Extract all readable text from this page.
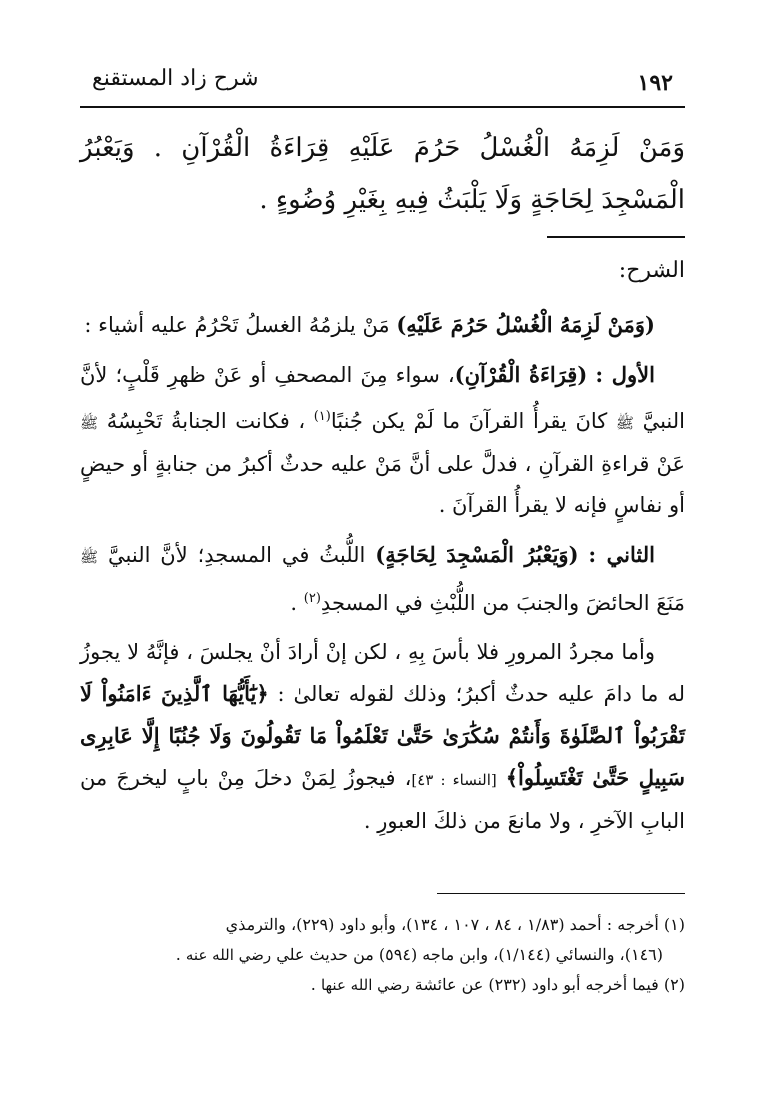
١٩٢
شرح زاد المستقنع
وَمَنْ لَزِمَهُ الْغُسْلُ حَرُمَ عَلَيْهِ قِرَاءَةُ الْقُرْآنِ . وَيَعْبُرُ الْمَسْجِدَ لِحَاجَةٍ وَلَا يَلْبَثُ فِيهِ بِغَيْرِ وُضُوءٍ .
الشرح:

(وَمَنْ لَزِمَهُ الْغُسْلُ حَرُمَ عَلَيْهِ) مَنْ يلزمُهُ الغسلُ تَحْرُمُ عليه أشياء :

الأول : (قِرَاءَةُ الْقُرْآنِ)، سواء مِنَ المصحفِ أو عَنْ ظهرِ قَلْبٍ؛ لأنَّ النبيَّ ﷺ كانَ يقرأُ القرآنَ ما لَمْ يكن جُنبًا$^{(١)}$ ، فكانت الجنابةُ تَحْبِسُهُ ﷺ عَنْ قراءةِ القرآنِ ، فدلَّ على أنَّ مَنْ عليه حدثٌ أكبرُ من جنابةٍ أو حيضٍ أو نفاسٍ فإنه لا يقرأُ القرآنَ .

الثاني : (وَيَعْبُرُ الْمَسْجِدَ لِحَاجَةٍ) اللُّبثُ في المسجدِ؛ لأنَّ النبيَّ ﷺ مَنَعَ الحائضَ والجنبَ من اللُّبْثِ في المسجدِ$^{(٢)}$ .

وأما مجردُ المرورِ فلا بأسَ بِهِ ، لكن إنْ أرادَ أنْ يجلسَ ، فإنَّهُ لا يجوزُ له ما دامَ عليه حدثٌ أكبرُ؛ وذلك لقوله تعالىٰ : ﴿يَٰٓأَيُّهَا ٱلَّذِينَ ءَامَنُواْ لَا تَقْرَبُواْ ٱلصَّلَوٰةَ وَأَنتُمْ سُكَٰرَىٰ حَتَّىٰ تَعْلَمُواْ مَا تَقُولُونَ وَلَا جُنُبًا إِلَّا عَابِرِى سَبِيلٍ حَتَّىٰ تَغْتَسِلُواْ﴾ [النساء : ٤٣]، فيجوزُ لِمَنْ دخلَ مِنْ بابٍ ليخرجَ من البابِ الآخرِ ، ولا مانعَ من ذلكَ العبورِ .

(١) أخرجه : أحمد (١/٨٣ ، ٨٤ ، ١٠٧ ، ١٣٤)، وأبو داود (٢٢٩)، والترمذي

(١٤٦)، والنسائي (١/١٤٤)، وابن ماجه (٥٩٤) من حديث علي رضي الله عنه .

(٢) فيما أخرجه أبو داود (٢٣٢) عن عائشة رضي الله عنها .
